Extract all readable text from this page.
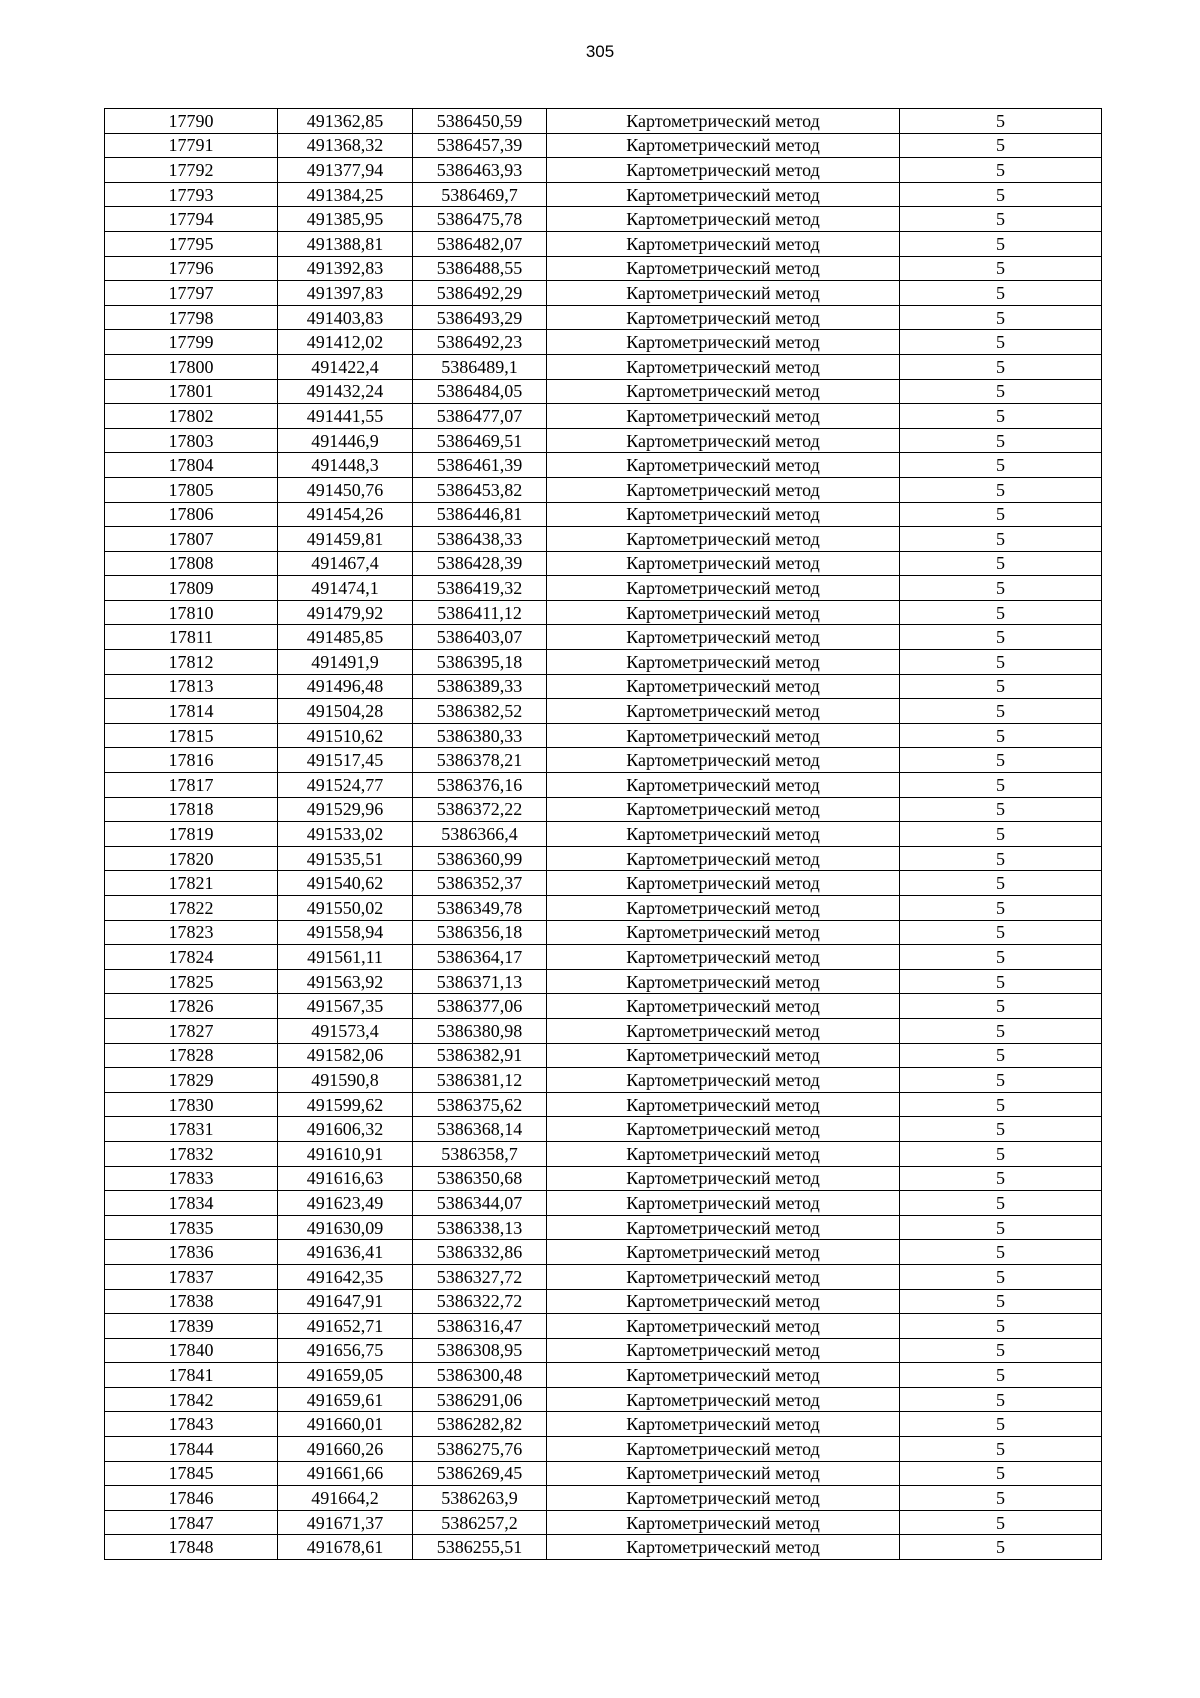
305
17790	491362,85	5386450,59	Картометрический метод	5
17791	491368,32	5386457,39	Картометрический метод	5
17792	491377,94	5386463,93	Картометрический метод	5
17793	491384,25	5386469,7	Картометрический метод	5
17794	491385,95	5386475,78	Картометрический метод	5
17795	491388,81	5386482,07	Картометрический метод	5
17796	491392,83	5386488,55	Картометрический метод	5
17797	491397,83	5386492,29	Картометрический метод	5
17798	491403,83	5386493,29	Картометрический метод	5
17799	491412,02	5386492,23	Картометрический метод	5
17800	491422,4	5386489,1	Картометрический метод	5
17801	491432,24	5386484,05	Картометрический метод	5
17802	491441,55	5386477,07	Картометрический метод	5
17803	491446,9	5386469,51	Картометрический метод	5
17804	491448,3	5386461,39	Картометрический метод	5
17805	491450,76	5386453,82	Картометрический метод	5
17806	491454,26	5386446,81	Картометрический метод	5
17807	491459,81	5386438,33	Картометрический метод	5
17808	491467,4	5386428,39	Картометрический метод	5
17809	491474,1	5386419,32	Картометрический метод	5
17810	491479,92	5386411,12	Картометрический метод	5
17811	491485,85	5386403,07	Картометрический метод	5
17812	491491,9	5386395,18	Картометрический метод	5
17813	491496,48	5386389,33	Картометрический метод	5
17814	491504,28	5386382,52	Картометрический метод	5
17815	491510,62	5386380,33	Картометрический метод	5
17816	491517,45	5386378,21	Картометрический метод	5
17817	491524,77	5386376,16	Картометрический метод	5
17818	491529,96	5386372,22	Картометрический метод	5
17819	491533,02	5386366,4	Картометрический метод	5
17820	491535,51	5386360,99	Картометрический метод	5
17821	491540,62	5386352,37	Картометрический метод	5
17822	491550,02	5386349,78	Картометрический метод	5
17823	491558,94	5386356,18	Картометрический метод	5
17824	491561,11	5386364,17	Картометрический метод	5
17825	491563,92	5386371,13	Картометрический метод	5
17826	491567,35	5386377,06	Картометрический метод	5
17827	491573,4	5386380,98	Картометрический метод	5
17828	491582,06	5386382,91	Картометрический метод	5
17829	491590,8	5386381,12	Картометрический метод	5
17830	491599,62	5386375,62	Картометрический метод	5
17831	491606,32	5386368,14	Картометрический метод	5
17832	491610,91	5386358,7	Картометрический метод	5
17833	491616,63	5386350,68	Картометрический метод	5
17834	491623,49	5386344,07	Картометрический метод	5
17835	491630,09	5386338,13	Картометрический метод	5
17836	491636,41	5386332,86	Картометрический метод	5
17837	491642,35	5386327,72	Картометрический метод	5
17838	491647,91	5386322,72	Картометрический метод	5
17839	491652,71	5386316,47	Картометрический метод	5
17840	491656,75	5386308,95	Картометрический метод	5
17841	491659,05	5386300,48	Картометрический метод	5
17842	491659,61	5386291,06	Картометрический метод	5
17843	491660,01	5386282,82	Картометрический метод	5
17844	491660,26	5386275,76	Картометрический метод	5
17845	491661,66	5386269,45	Картометрический метод	5
17846	491664,2	5386263,9	Картометрический метод	5
17847	491671,37	5386257,2	Картометрический метод	5
17848	491678,61	5386255,51	Картометрический метод	5
